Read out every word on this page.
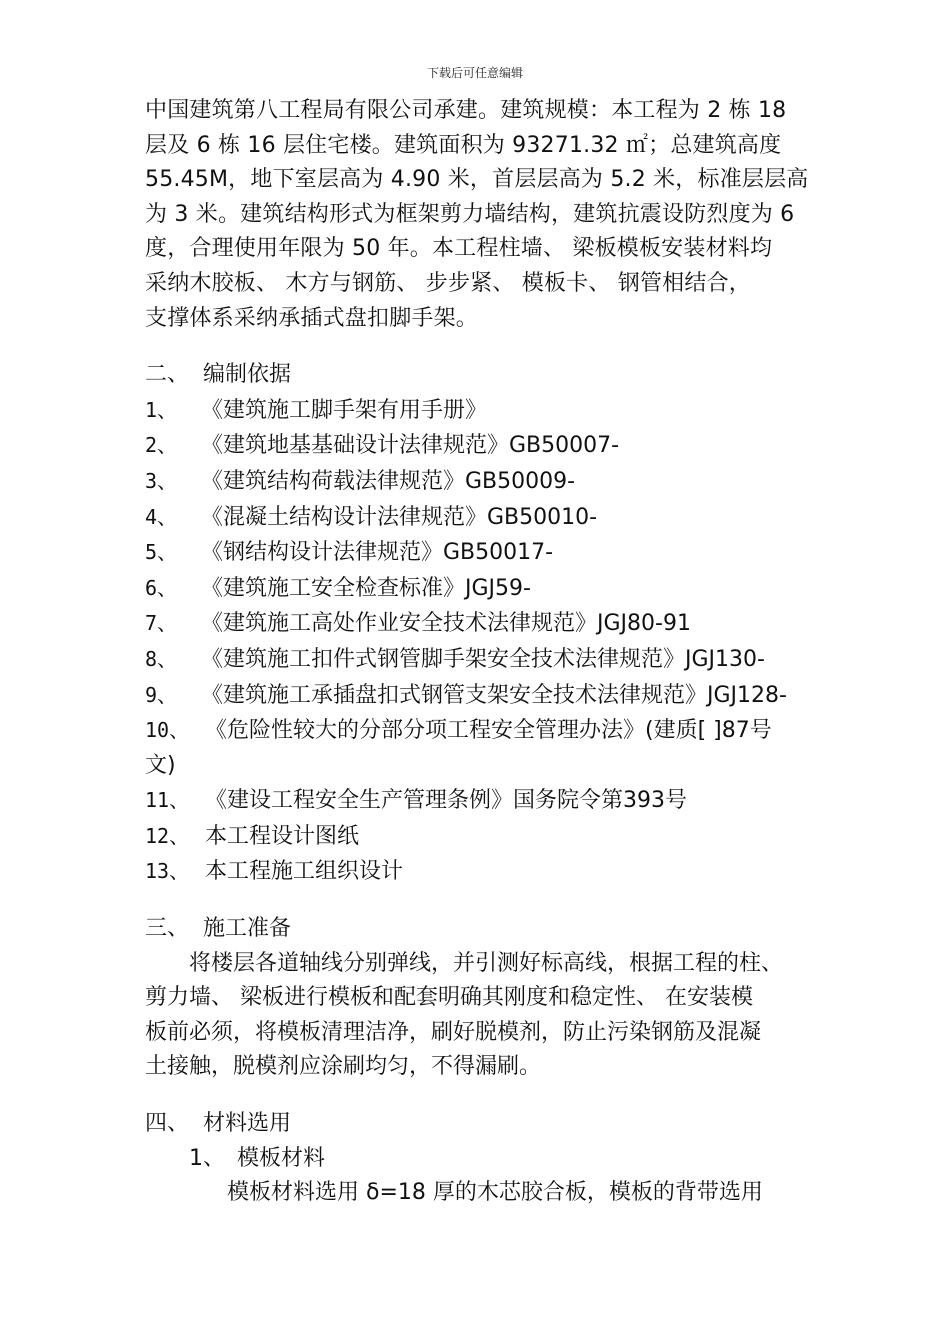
下载后可任意编辑

中国建筑第八工程局有限公司承建。建筑规模：本工程为 2 栋 18

层及 6 栋 16 层住宅楼。建筑面积为 93271.32 ㎡；总建筑高度

55.45M，地下室层高为 4.90 米，首层层高为 5.2 米，标准层层高

为 3 米。建筑结构形式为框架剪力墙结构，建筑抗震设防烈度为 6

度，合理使用年限为 50 年。本工程柱墙、 梁板模板安装材料均

采纳木胶板、 木方与钢筋、 步步紧、 模板卡、 钢管相结合，

支撑体系采纳承插式盘扣脚手架。

二、 编制依据

1、 《建筑施工脚手架有用手册》

2、 《建筑地基基础设计法律规范》GB50007-

3、 《建筑结构荷载法律规范》GB50009-

4、 《混凝土结构设计法律规范》GB50010-

5、 《钢结构设计法律规范》GB50017-

6、 《建筑施工安全检查标准》JGJ59-

7、 《建筑施工高处作业安全技术法律规范》JGJ80-91

8、 《建筑施工扣件式钢管脚手架安全技术法律规范》JGJ130-

9、 《建筑施工承插盘扣式钢管支架安全技术法律规范》JGJ128-

10、 《危险性较大的分部分项工程安全管理办法》(建质[ ]87号

文)

11、 《建设工程安全生产管理条例》国务院令第393号

12、 本工程设计图纸

13、 本工程施工组织设计

三、 施工准备

将楼层各道轴线分别弹线，并引测好标高线，根据工程的柱、

剪力墙、 梁板进行模板和配套明确其刚度和稳定性、 在安装模

板前必须，将模板清理洁净，刷好脱模剂，防止污染钢筋及混凝

土接触，脱模剂应涂刷均匀，不得漏刷。

四、 材料选用

1、 模板材料

模板材料选用 δ=18 厚的木芯胶合板，模板的背带选用
